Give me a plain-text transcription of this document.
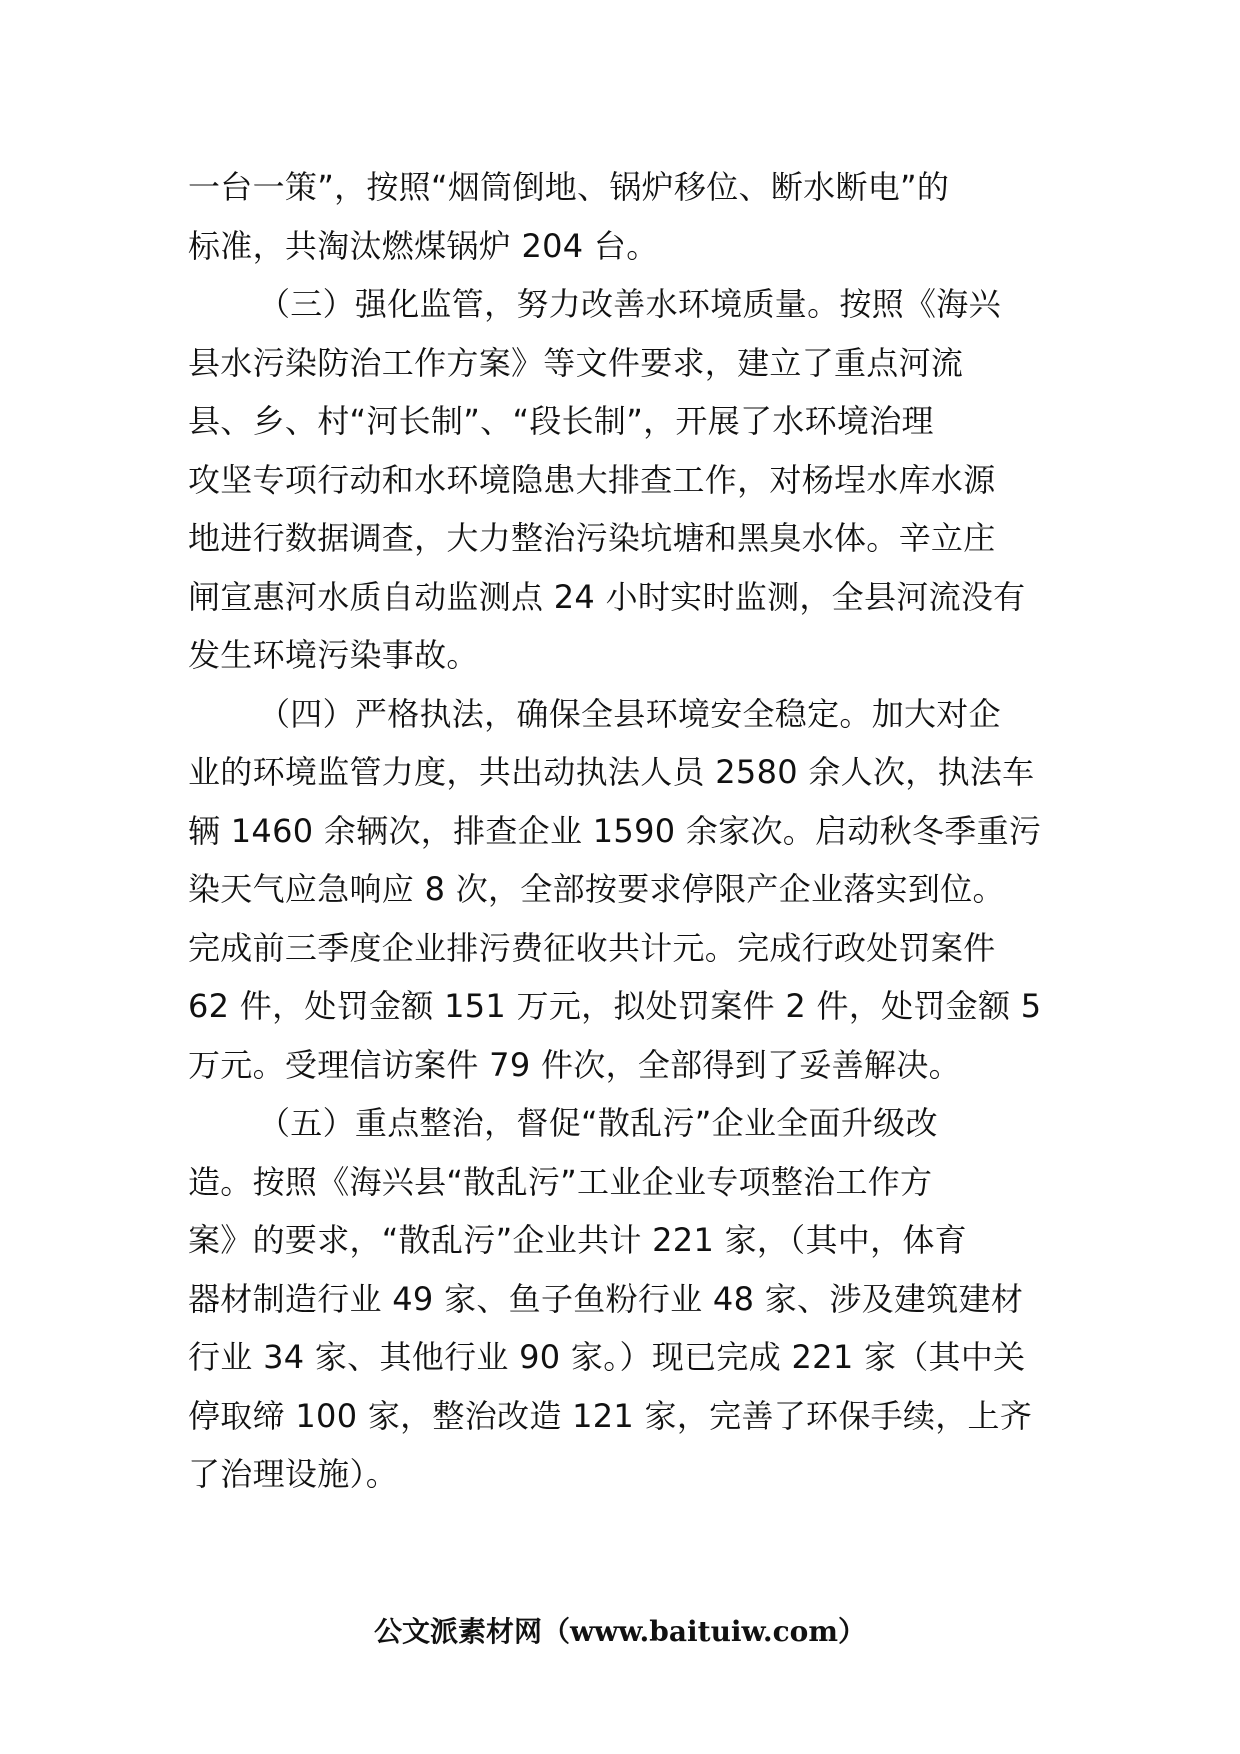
一台一策”，按照“烟筒倒地、锅炉移位、断水断电”的
标准，共淘汰燃煤锅炉 204 台。
（三）强化监管，努力改善水环境质量。按照《海兴
县水污染防治工作方案》等文件要求，建立了重点河流
县、乡、村“河长制”、“段长制”，开展了水环境治理
攻坚专项行动和水环境隐患大排查工作，对杨埕水库水源
地进行数据调查，大力整治污染坑塘和黑臭水体。辛立庄
闸宣惠河水质自动监测点 24 小时实时监测，全县河流没有
发生环境污染事故。
（四）严格执法，确保全县环境安全稳定。加大对企
业的环境监管力度，共出动执法人员 2580 余人次，执法车
辆 1460 余辆次，排查企业 1590 余家次。启动秋冬季重污
染天气应急响应 8 次，全部按要求停限产企业落实到位。
完成前三季度企业排污费征收共计元。完成行政处罚案件
62 件，处罚金额 151 万元，拟处罚案件 2 件，处罚金额 5
万元。受理信访案件 79 件次，全部得到了妥善解决。
（五）重点整治，督促“散乱污”企业全面升级改
造。按照《海兴县“散乱污”工业企业专项整治工作方
案》的要求，“散乱污”企业共计 221 家，（其中，体育
器材制造行业 49 家、鱼子鱼粉行业 48 家、涉及建筑建材
行业 34 家、其他行业 90 家。）现已完成 221 家（其中关
停取缔 100 家，整治改造 121 家，完善了环保手续，上齐
了治理设施）。
公文派素材网（www.baituiw.com）
